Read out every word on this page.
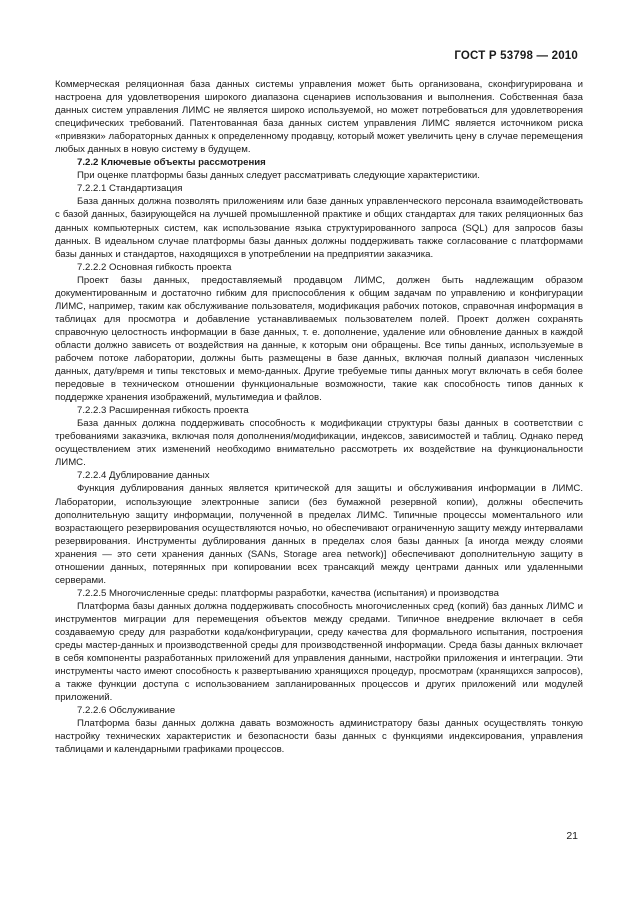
ГОСТ Р 53798 — 2010

Коммерческая реляционная база данных системы управления может быть организована, сконфигурирована и настроена для удовлетворения широкого диапазона сценариев использования и выполнения. Собственная база данных систем управления ЛИМС не является широко используемой, но может потребоваться для удовлетворения специфических требований. Патентованная база данных систем управления ЛИМС является источником риска «привязки» лабораторных данных к определенному продавцу, который может увеличить цену в случае перемещения любых данных в новую систему в будущем.

7.2.2 Ключевые объекты рассмотрения

При оценке платформы базы данных следует рассматривать следующие характеристики.

7.2.2.1 Стандартизация

База данных должна позволять приложениям или базе данных управленческого персонала взаимодействовать с базой данных, базирующейся на лучшей промышленной практике и общих стандартах для таких реляционных баз данных компьютерных систем, как использование языка структурированного запроса (SQL) для запросов базы данных. В идеальном случае платформы базы данных должны поддерживать также согласование с платформами базы данных и стандартов, находящихся в употреблении на предприятии заказчика.

7.2.2.2 Основная гибкость проекта

Проект базы данных, предоставляемый продавцом ЛИМС, должен быть надлежащим образом документированным и достаточно гибким для приспособления к общим задачам по управлению и конфигурации ЛИМС, например, таким как обслуживание пользователя, модификация рабочих потоков, справочная информация в таблицах для просмотра и добавление устанавливаемых пользователем полей. Проект должен сохранять справочную целостность информации в базе данных, т. е. дополнение, удаление или обновление данных в каждой области должно зависеть от воздействия на данные, к которым они обращены. Все типы данных, используемые в рабочем потоке лаборатории, должны быть размещены в базе данных, включая полный диапазон численных данных, дату/время и типы текстовых и мемо-данных. Другие требуемые типы данных могут включать в себя более передовые в техническом отношении функциональные возможности, такие как способность типов данных к поддержке хранения изображений, мультимедиа и файлов.

7.2.2.3 Расширенная гибкость проекта

База данных должна поддерживать способность к модификации структуры базы данных в соответствии с требованиями заказчика, включая поля дополнения/модификации, индексов, зависимостей и таблиц. Однако перед осуществлением этих изменений необходимо внимательно рассмотреть их воздействие на функциональности ЛИМС.

7.2.2.4 Дублирование данных

Функция дублирования данных является критической для защиты и обслуживания информации в ЛИМС. Лаборатории, использующие электронные записи (без бумажной резервной копии), должны обеспечить дополнительную защиту информации, полученной в пределах ЛИМС. Типичные процессы моментального или возрастающего резервирования осуществляются ночью, но обеспечивают ограниченную защиту между интервалами резервирования. Инструменты дублирования данных в пределах слоя базы данных [а иногда между слоями хранения — это сети хранения данных (SANs, Storage area network)] обеспечивают дополнительную защиту в отношении данных, потерянных при копировании всех трансакций между центрами данных или удаленными серверами.

7.2.2.5 Многочисленные среды: платформы разработки, качества (испытания) и производства

Платформа базы данных должна поддерживать способность многочисленных сред (копий) баз данных ЛИМС и инструментов миграции для перемещения объектов между средами. Типичное внедрение включает в себя создаваемую среду для разработки кода/конфигурации, среду качества для формального испытания, построения среды мастер-данных и производственной среды для производственной информации. Среда базы данных включает в себя компоненты разработанных приложений для управления данными, настройки приложения и интеграции. Эти инструменты часто имеют способность к развертыванию хранящихся процедур, просмотрам (хранящихся запросов), а также функции доступа с использованием запланированных процессов и других приложений или модулей приложений.

7.2.2.6 Обслуживание

Платформа базы данных должна давать возможность администратору базы данных осуществлять тонкую настройку технических характеристик и безопасности базы данных с функциями индексирования, управления таблицами и календарными графиками процессов.

21
